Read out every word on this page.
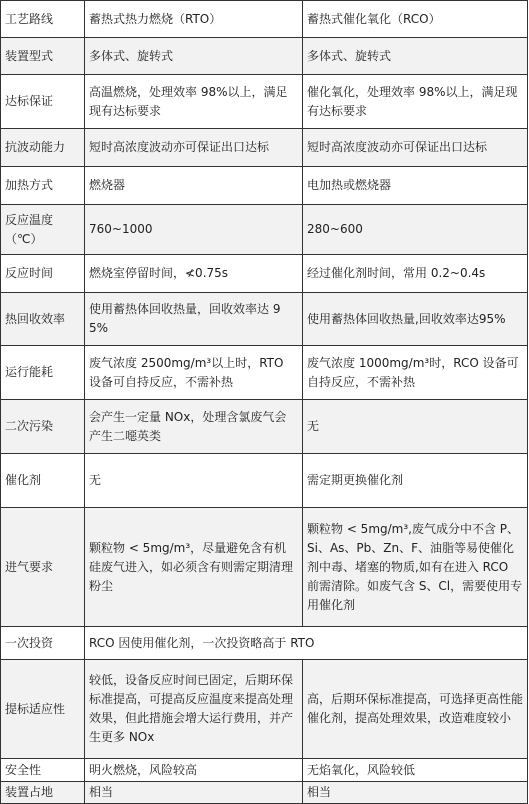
工艺路线	蓄热式热力燃烧（RTO）	蓄热式催化氧化（RCO）
装置型式	多体式、旋转式	多体式、旋转式
达标保证	高温燃烧，处理效率 98%以上，满足现有达标要求	催化氧化，处理效率 98%以上，满足现有达标要求
抗波动能力	短时高浓度波动亦可保证出口达标	短时高浓度波动亦可保证出口达标
加热方式	燃烧器	电加热或燃烧器
反应温度（℃）	760~1000	280~600
反应时间	燃烧室停留时间，≮0.75s	经过催化剂时间，常用 0.2~0.4s
热回收效率	使用蓄热体回收热量，回收效率达 95%	使用蓄热体回收热量,回收效率达95%
运行能耗	废气浓度 2500mg/m³以上时，RTO 设备可自持反应，不需补热	废气浓度 1000mg/m³时，RCO 设备可自持反应，不需补热
二次污染	会产生一定量 NOx，处理含氯废气会产生二噁英类	无
催化剂	无	需定期更换催化剂
进气要求	颗粒物 < 5mg/m³，尽量避免含有机硅废气进入，如必须含有则需定期清理粉尘	颗粒物 < 5mg/m³,废气成分中不含 P、Si、As、Pb、Zn、F、油脂等易使催化剂中毒、堵塞的物质,如有在进入 RCO 前需清除。如废气含 S、Cl，需要使用专用催化剂
一次投资	RCO 因使用催化剂，一次投资略高于 RTO	
提标适应性	较低，设备反应时间已固定，后期环保标准提高，可提高反应温度来提高处理效果，但此措施会增大运行费用，并产生更多 NOx	高，后期环保标准提高，可选择更高性能催化剂，提高处理效果，改造难度较小
安全性	明火燃烧，风险较高	无焰氧化，风险较低
装置占地	相当	相当
